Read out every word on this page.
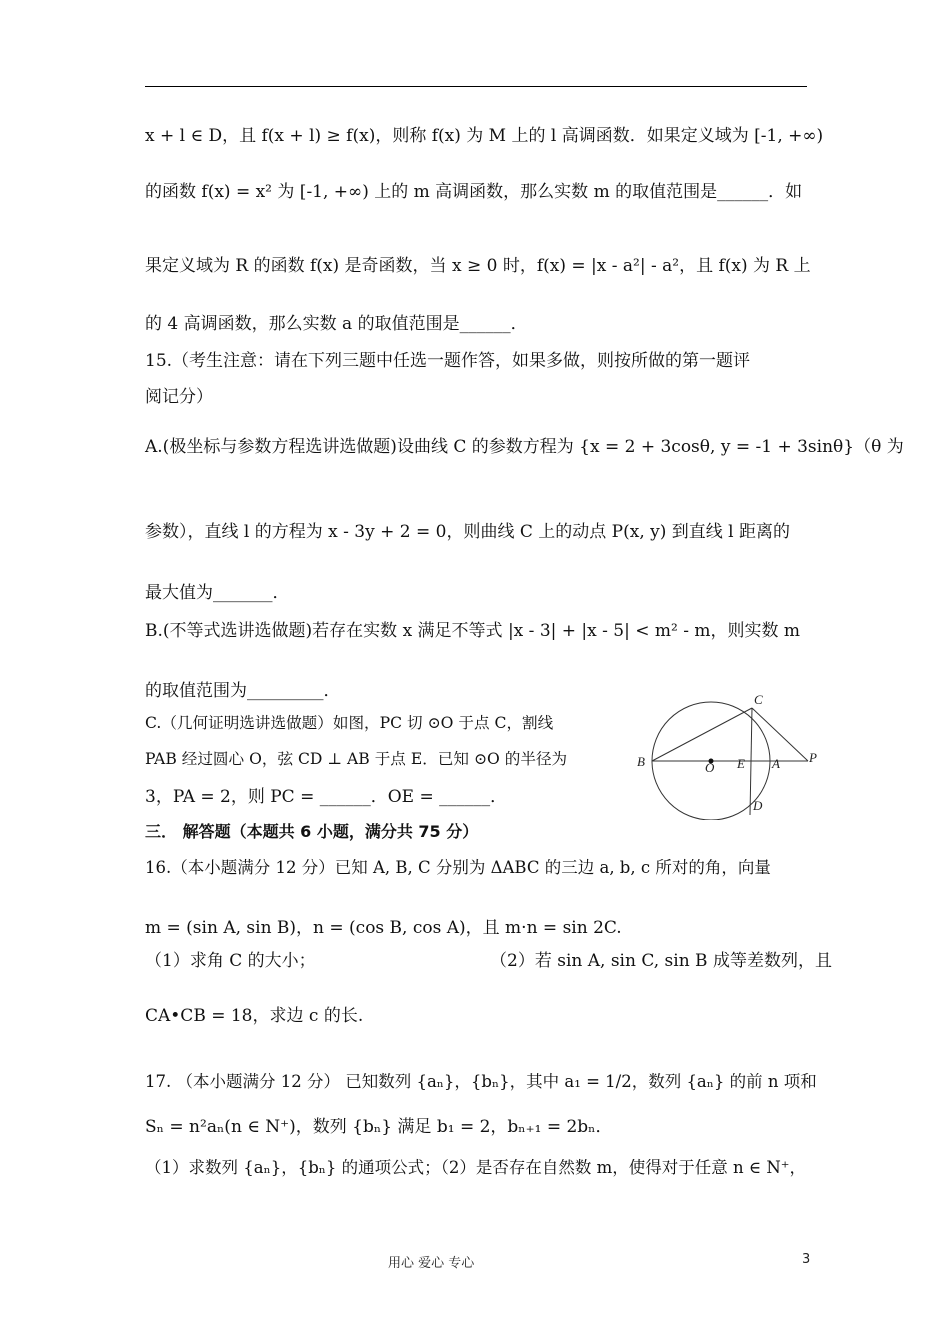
x + l ∈ D，且 f(x + l) ≥ f(x)，则称 f(x) 为 M 上的 l 高调函数．如果定义域为 [-1, +∞)
的函数 f(x) = x² 为 [-1, +∞) 上的 m 高调函数，那么实数 m 的取值范围是______．如
果定义域为 R 的函数 f(x) 是奇函数，当 x ≥ 0 时，f(x) = |x - a²| - a²，且 f(x) 为 R 上
的 4 高调函数，那么实数 a 的取值范围是______．
15.（考生注意：请在下列三题中任选一题作答，如果多做，则按所做的第一题评
阅记分）
A.(极坐标与参数方程选讲选做题)设曲线 C 的参数方程为 {x = 2 + 3cosθ, y = -1 + 3sinθ}（θ 为
参数），直线 l 的方程为 x - 3y + 2 = 0，则曲线 C 上的动点 P(x, y) 到直线 l 距离的
最大值为_______．
B.(不等式选讲选做题)若存在实数 x 满足不等式 |x - 3| + |x - 5| < m² - m，则实数 m
的取值范围为_________．
C.（几何证明选讲选做题）如图，PC 切 ⊙O 于点 C，割线
PAB 经过圆心 O，弦 CD ⊥ AB 于点 E．已知 ⊙O 的半径为
3，PA = 2，则 PC = ______．OE = ______．
三． 解答题（本题共 6 小题，满分共 75 分）
16.（本小题满分 12 分）已知 A, B, C 分别为 ΔABC 的三边 a, b, c 所对的角，向量
m = (sin A, sin B)，n = (cos B, cos A)，且 m·n = sin 2C.
（1）求角 C 的大小；	（2）若 sin A, sin C, sin B 成等差数列，且
CA•CB = 18，求边 c 的长.
17. （本小题满分 12 分） 已知数列 {aₙ}，{bₙ}，其中 a₁ = 1/2，数列 {aₙ} 的前 n 项和
Sₙ = n²aₙ(n ∈ N⁺)，数列 {bₙ} 满足 b₁ = 2，bₙ₊₁ = 2bₙ．
（1）求数列 {aₙ}，{bₙ} 的通项公式；（2）是否存在自然数 m，使得对于任意 n ∈ N⁺，
C
B	O E A P
D
用心 爱心 专心	3
